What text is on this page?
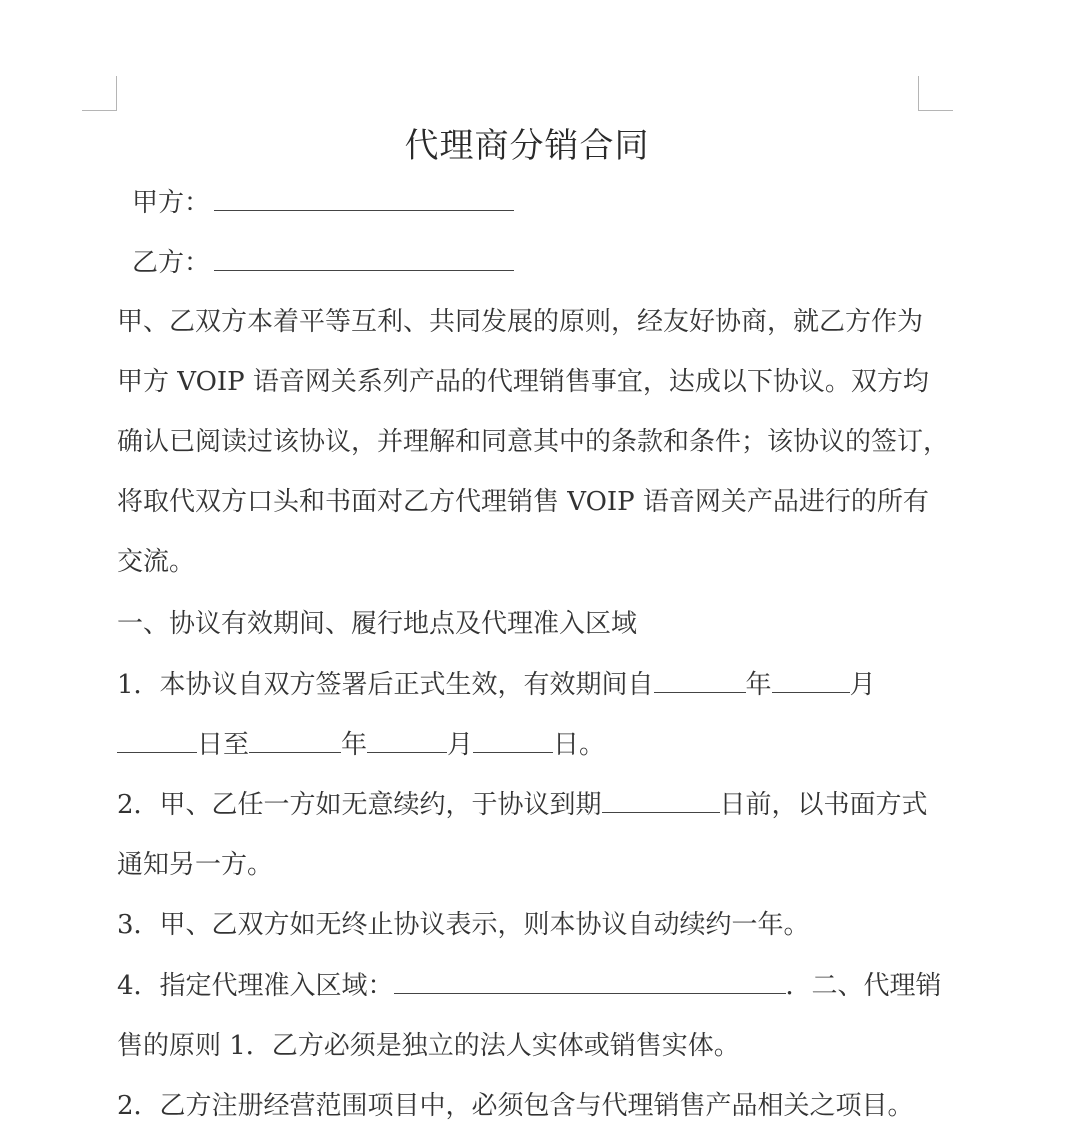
代理商分销合同
甲方：
乙方：
甲、乙双方本着平等互利、共同发展的原则，经友好协商，就乙方作为
甲方 VOIP 语音网关系列产品的代理销售事宜，达成以下协议。双方均
确认已阅读过该协议，并理解和同意其中的条款和条件；该协议的签订，
将取代双方口头和书面对乙方代理销售 VOIP 语音网关产品进行的所有
交流。
一、协议有效期间、履行地点及代理准入区域
1．本协议自双方签署后正式生效，有效期间自	年	月
日至	年	月	日。
2．甲、乙任一方如无意续约，于协议到期	日前，以书面方式
通知另一方。
3．甲、乙双方如无终止协议表示，则本协议自动续约一年。
4．指定代理准入区域：	．二、代理销
售的原则 1．乙方必须是独立的法人实体或销售实体。
2．乙方注册经营范围项目中，必须包含与代理销售产品相关之项目。
